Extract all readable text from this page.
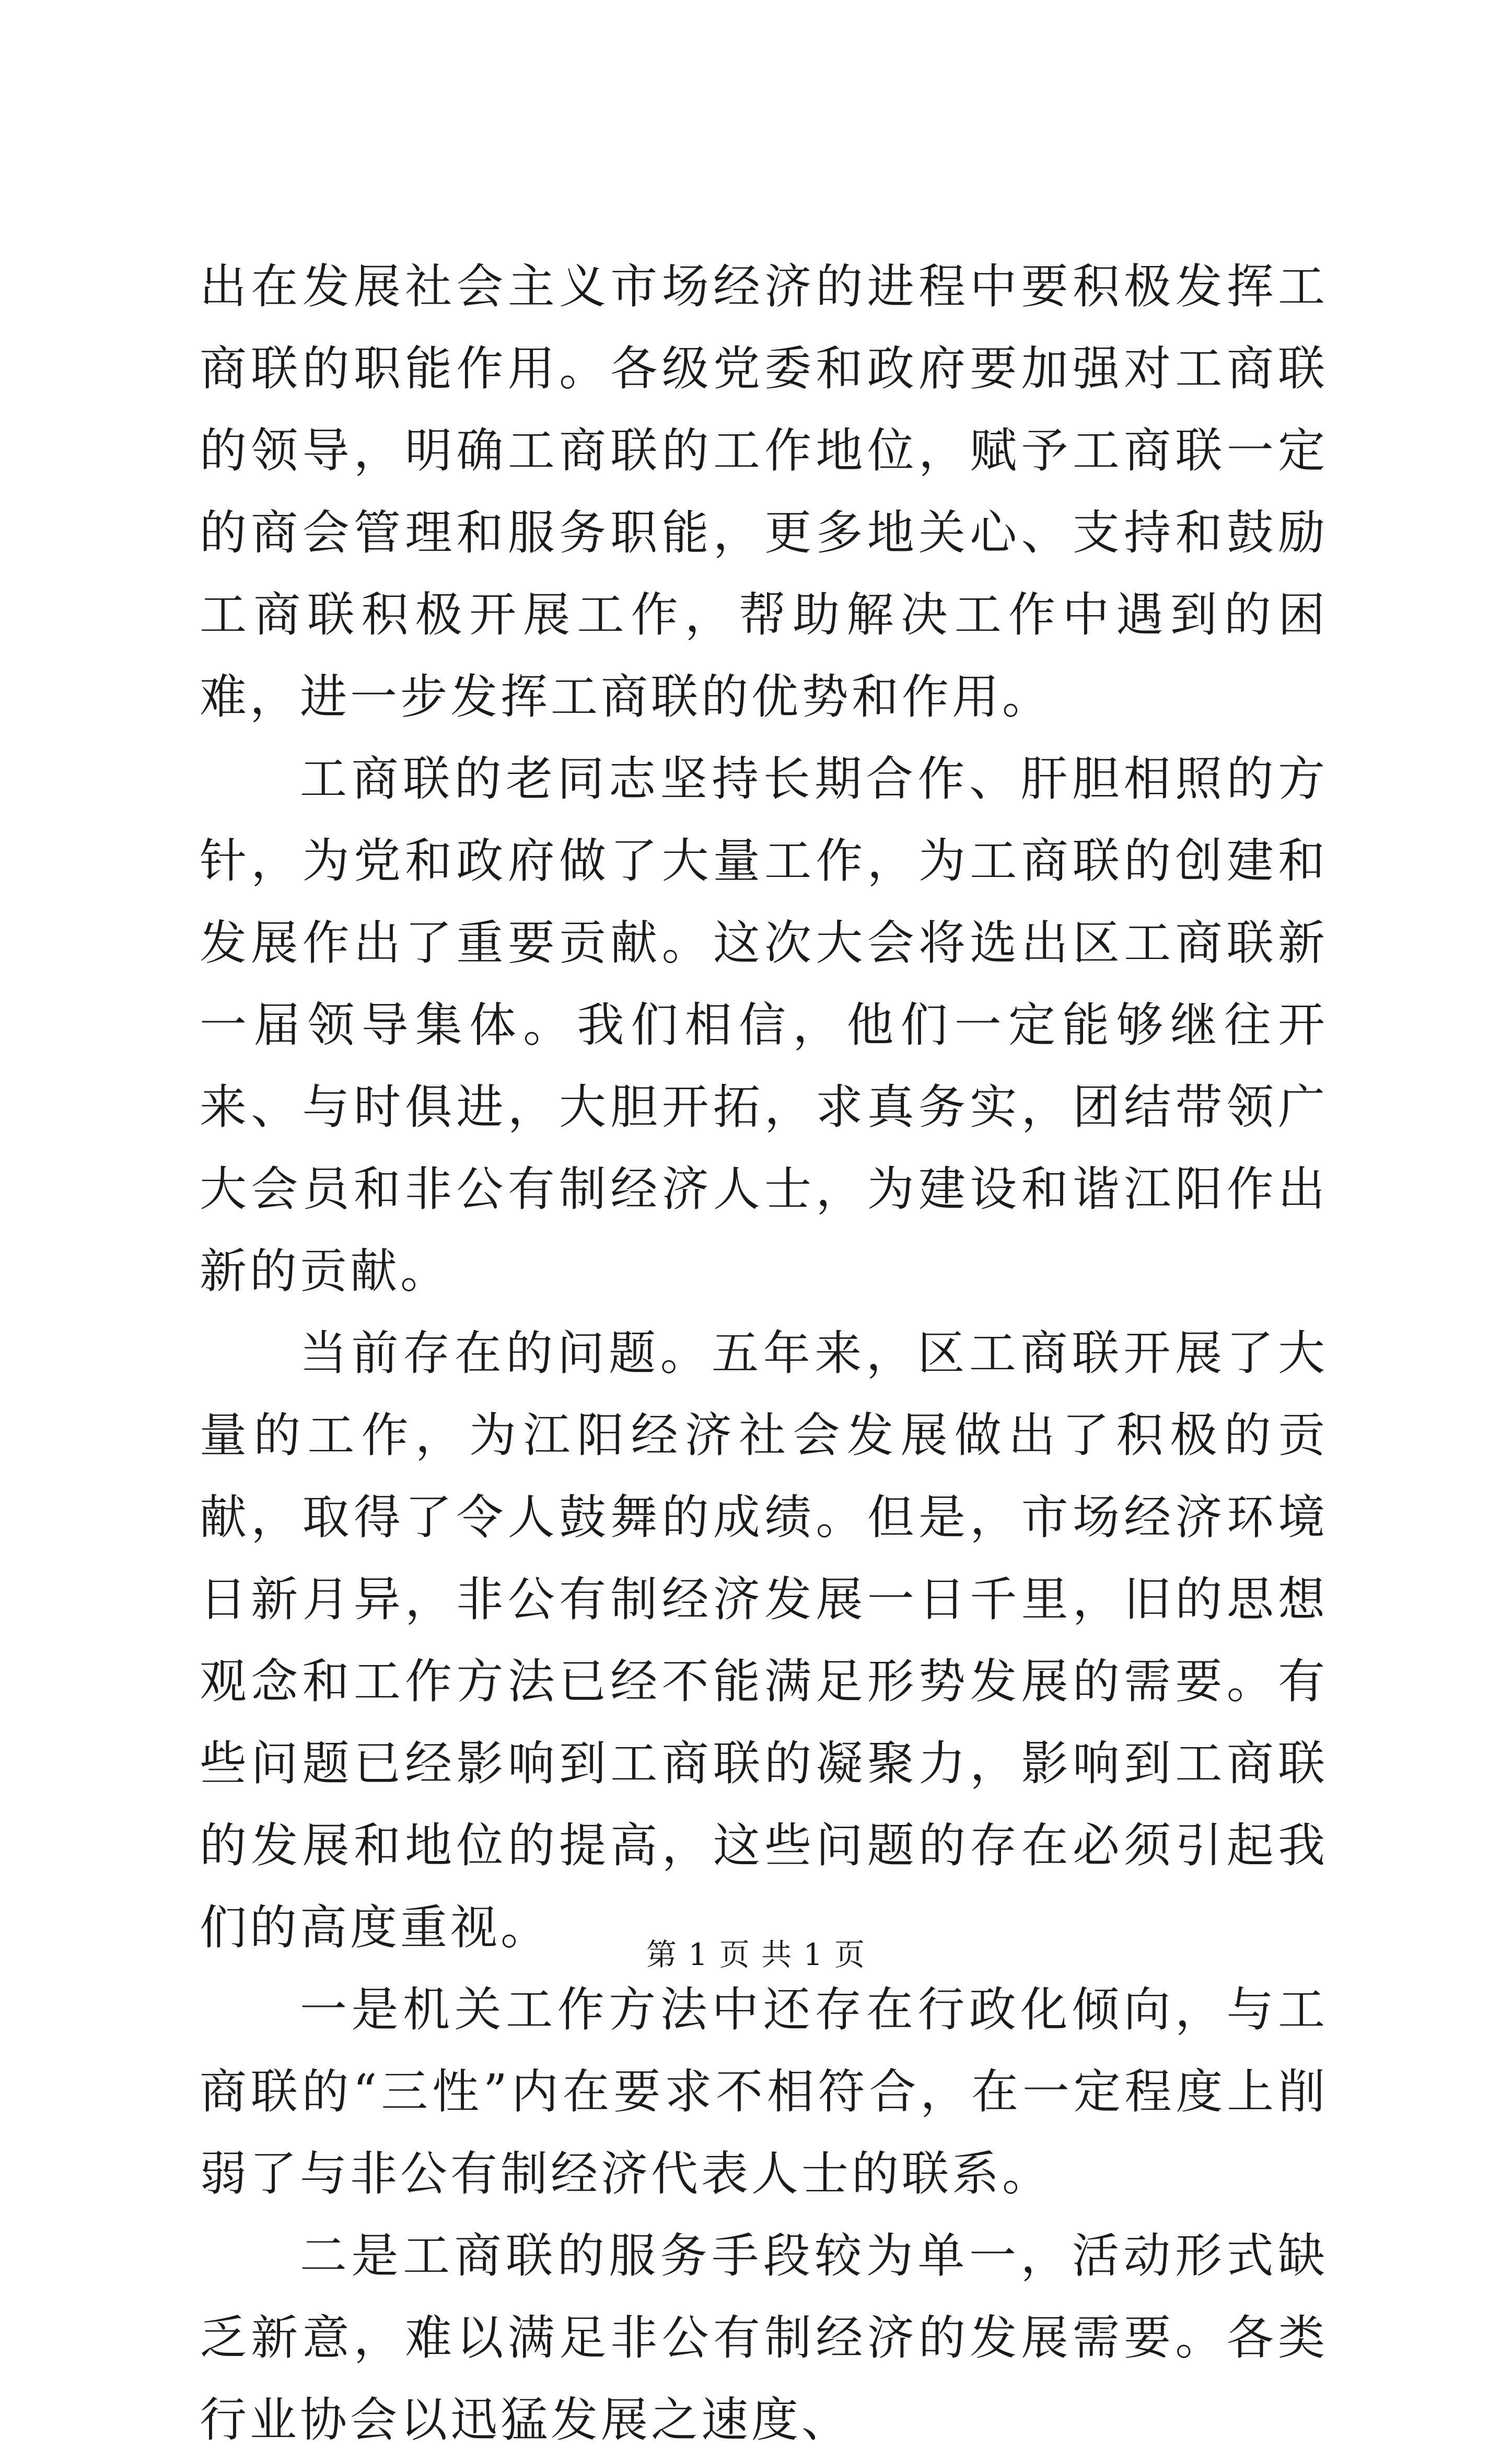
出在发展社会主义市场经济的进程中要积极发挥工商联的职能作用。各级党委和政府要加强对工商联的领导，明确工商联的工作地位，赋予工商联一定的商会管理和服务职能，更多地关心、支持和鼓励工商联积极开展工作，帮助解决工作中遇到的困难，进一步发挥工商联的优势和作用。

工商联的老同志坚持长期合作、肝胆相照的方针，为党和政府做了大量工作，为工商联的创建和发展作出了重要贡献。这次大会将选出区工商联新一届领导集体。我们相信，他们一定能够继往开来、与时俱进，大胆开拓，求真务实，团结带领广大会员和非公有制经济人士，为建设和谐江阳作出新的贡献。

当前存在的问题。五年来，区工商联开展了大量的工作，为江阳经济社会发展做出了积极的贡献，取得了令人鼓舞的成绩。但是，市场经济环境日新月异，非公有制经济发展一日千里，旧的思想观念和工作方法已经不能满足形势发展的需要。有些问题已经影响到工商联的凝聚力，影响到工商联的发展和地位的提高，这些问题的存在必须引起我们的高度重视。

一是机关工作方法中还存在行政化倾向，与工商联的“三性”内在要求不相符合，在一定程度上削弱了与非公有制经济代表人士的联系。

二是工商联的服务手段较为单一，活动形式缺乏新意，难以满足非公有制经济的发展需要。各类行业协会以迅猛发展之速度、

第 1 页 共 1 页
